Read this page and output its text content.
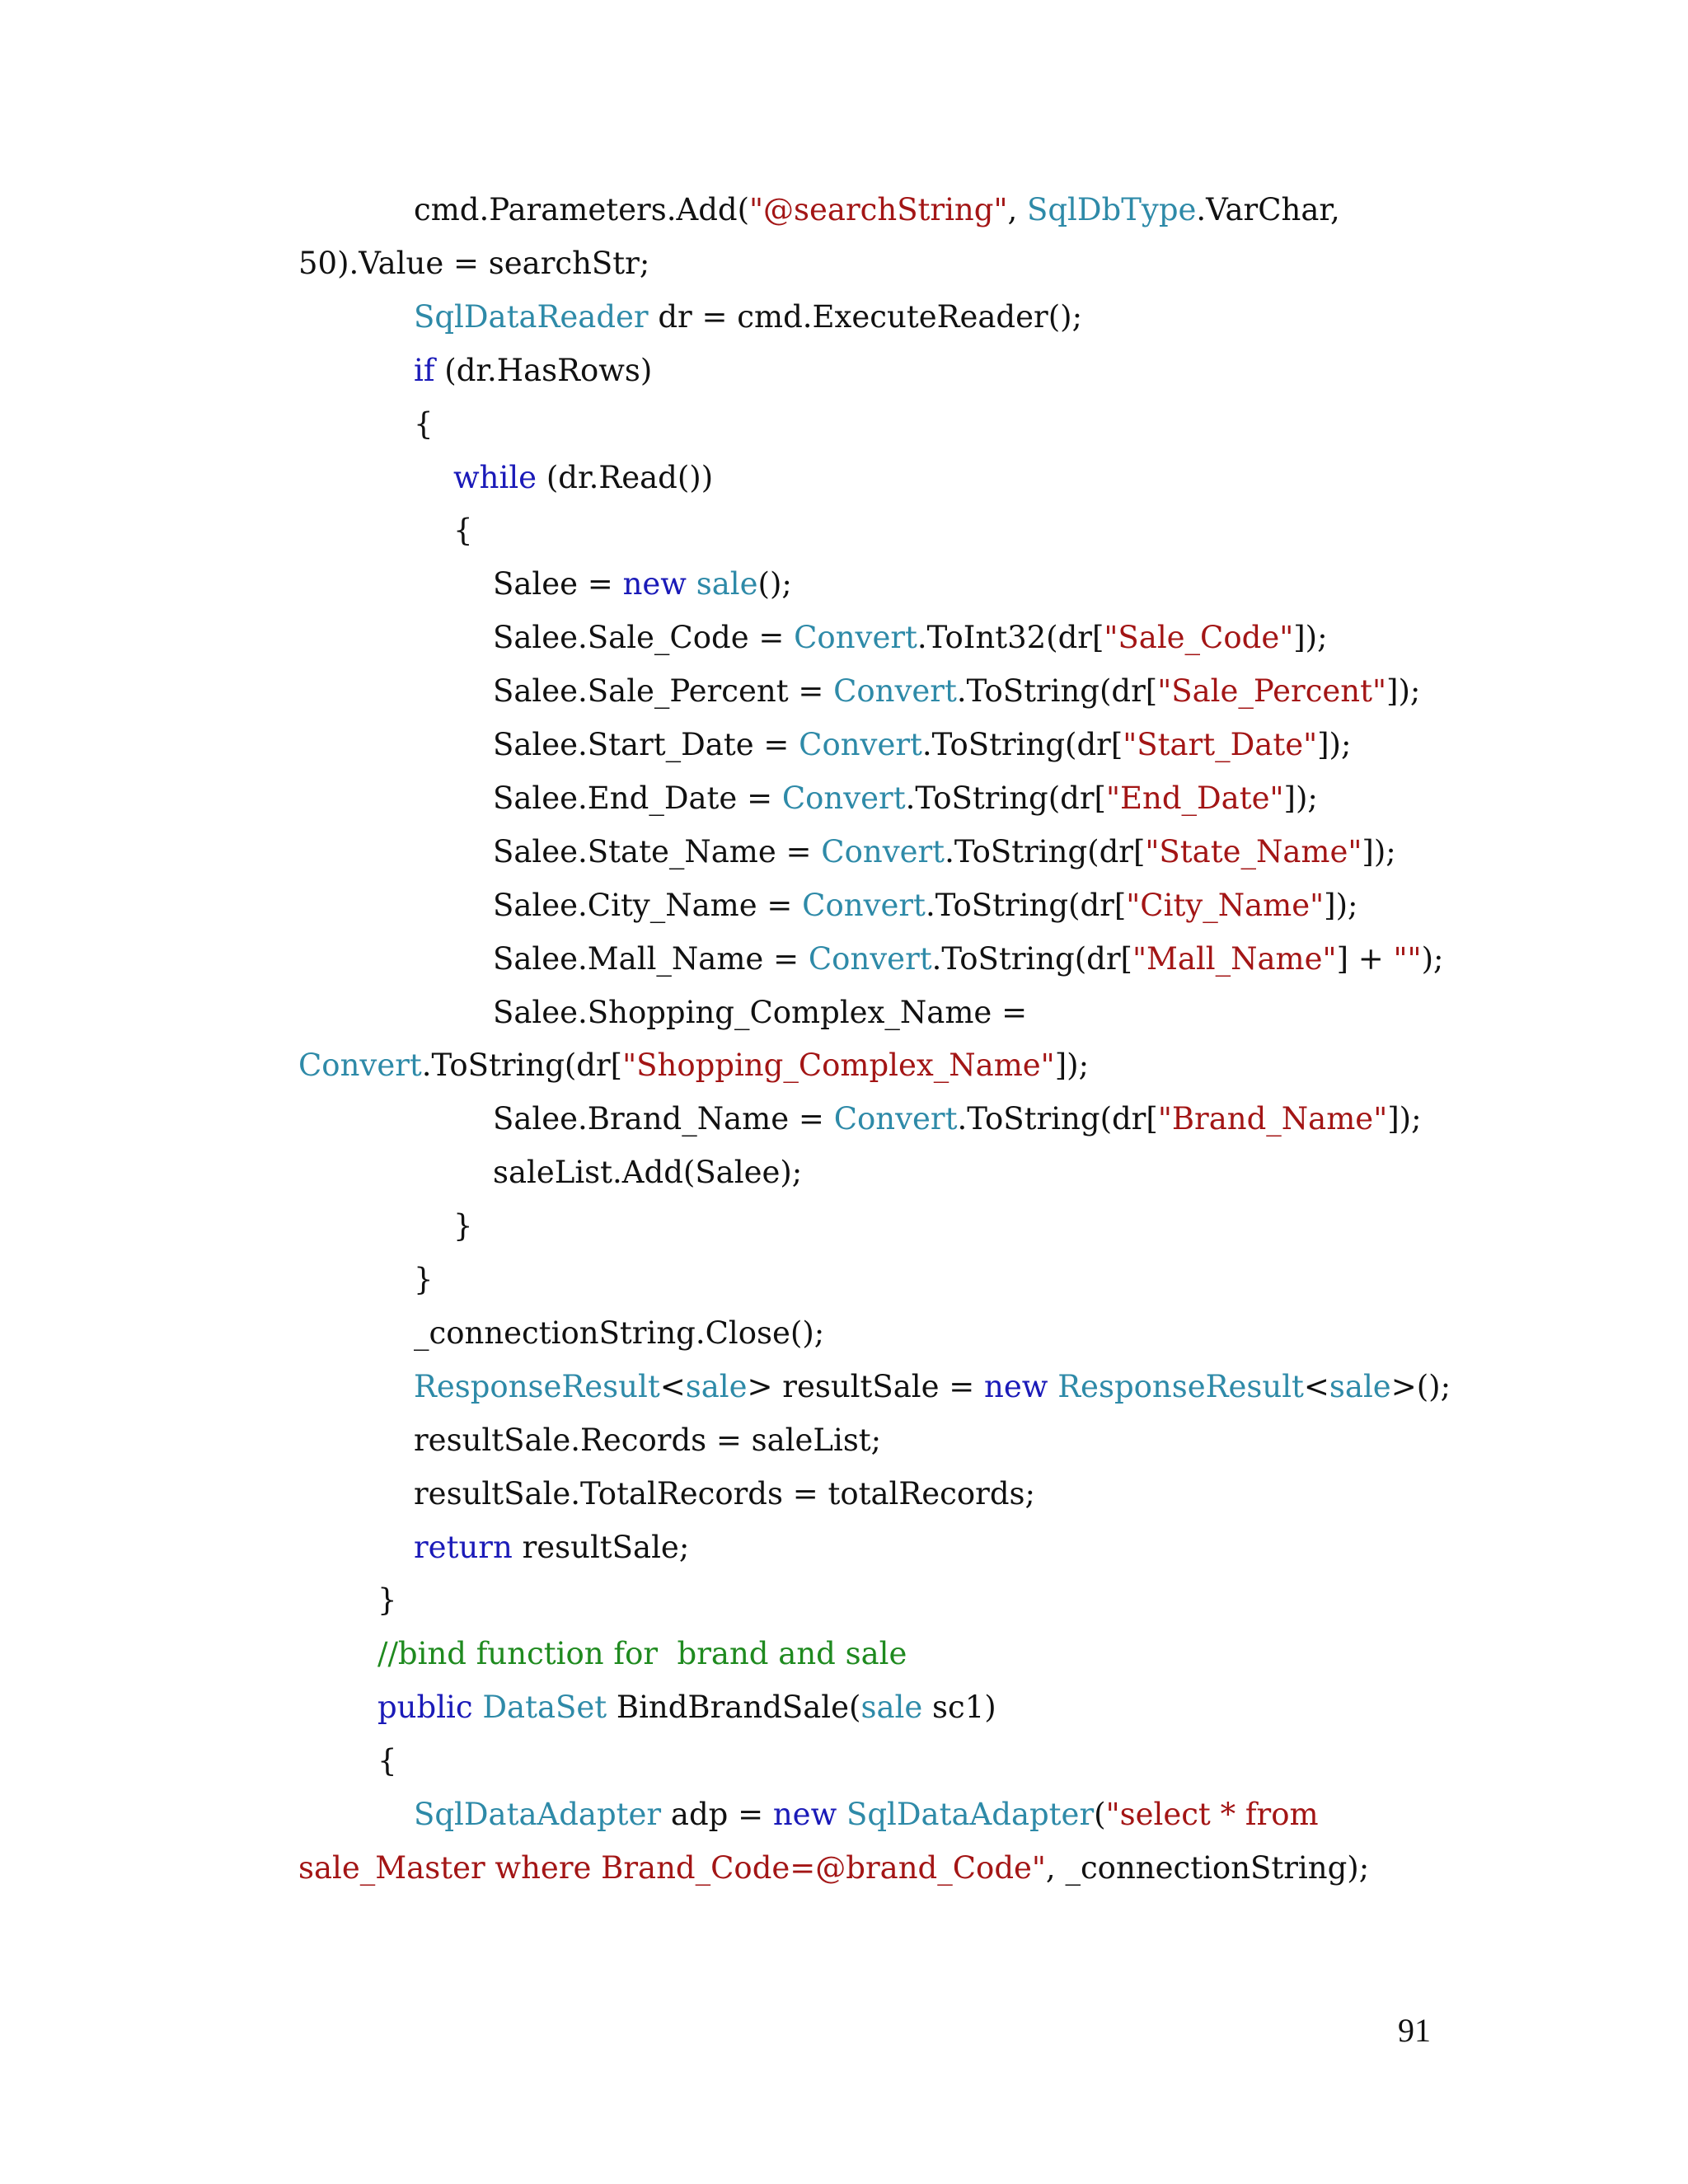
cmd.Parameters.Add("@searchString", SqlDbType.VarChar,
50).Value = searchStr;
SqlDataReader dr = cmd.ExecuteReader();
if (dr.HasRows)
{
while (dr.Read())
{
Salee = new sale();
Salee.Sale_Code = Convert.ToInt32(dr["Sale_Code"]);
Salee.Sale_Percent = Convert.ToString(dr["Sale_Percent"]);
Salee.Start_Date = Convert.ToString(dr["Start_Date"]);
Salee.End_Date = Convert.ToString(dr["End_Date"]);
Salee.State_Name = Convert.ToString(dr["State_Name"]);
Salee.City_Name = Convert.ToString(dr["City_Name"]);
Salee.Mall_Name = Convert.ToString(dr["Mall_Name"] + "");
Salee.Shopping_Complex_Name =
Convert.ToString(dr["Shopping_Complex_Name"]);
Salee.Brand_Name = Convert.ToString(dr["Brand_Name"]);
saleList.Add(Salee);
}
}
_connectionString.Close();
ResponseResult<sale> resultSale = new ResponseResult<sale>();
resultSale.Records = saleList;
resultSale.TotalRecords = totalRecords;
return resultSale;
}
//bind function for  brand and sale
public DataSet BindBrandSale(sale sc1)
{
SqlDataAdapter adp = new SqlDataAdapter("select * from
sale_Master where Brand_Code=@brand_Code", _connectionString);
91
